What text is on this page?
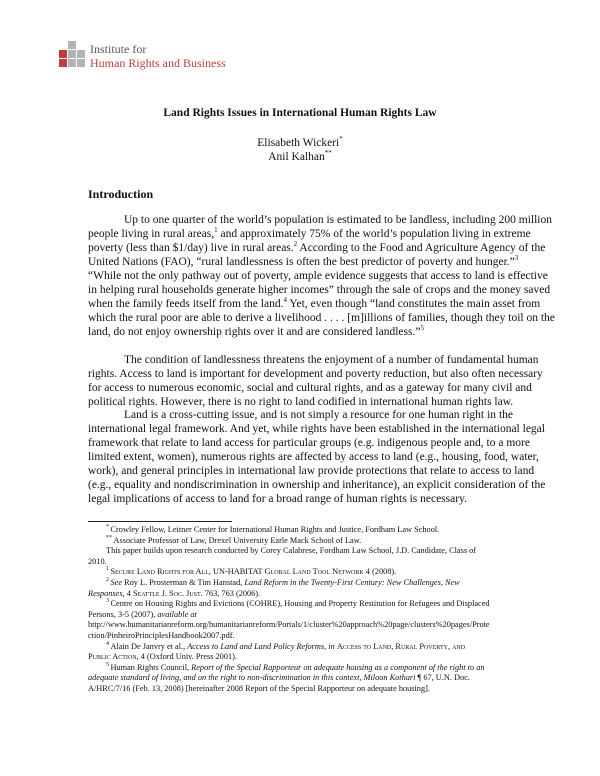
Institute for
Human Rights and Business
Land Rights Issues in International Human Rights Law
Elisabeth Wickeri*
Anil Kalhan**
Introduction
Up to one quarter of the world’s population is estimated to be landless, including 200 million
people living in rural areas,$^1$ and approximately 75% of the world’s population living in extreme
poverty (less than $1/day) live in rural areas.$^2$ According to the Food and Agriculture Agency of the
United Nations (FAO), “rural landlessness is often the best predictor of poverty and hunger.”$^3$
“While not the only pathway out of poverty, ample evidence suggests that access to land is effective
in helping rural households generate higher incomes” through the sale of crops and the money saved
when the family feeds itself from the land.$^4$ Yet, even though “land constitutes the main asset from
which the rural poor are able to derive a livelihood . . . . [m]illions of families, though they toil on the
land, do not enjoy ownership rights over it and are considered landless.”$^5$
The condition of landlessness threatens the enjoyment of a number of fundamental human
rights. Access to land is important for development and poverty reduction, but also often necessary
for access to numerous economic, social and cultural rights, and as a gateway for many civil and
political rights. However, there is no right to land codified in international human rights law.
Land is a cross-cutting issue, and is not simply a resource for one human right in the
international legal framework. And yet, while rights have been established in the international legal
framework that relate to land access for particular groups (e.g. indigenous people and, to a more
limited extent, women), numerous rights are affected by access to land (e.g., housing, food, water,
work), and general principles in international law provide protections that relate to access to land
(e.g., equality and nondiscrimination in ownership and inheritance), an explicit consideration of the
legal implications of access to land for a broad range of human rights is necessary.
* Crowley Fellow, Leitner Center for International Human Rights and Justice, Fordham Law School.
** Associate Professor of Law, Drexel University Earle Mack School of Law.
This paper builds upon research conducted by Corey Calabrese, Fordham Law School, J.D. Candidate, Class of
2010.
$^1$ Secure Land Rights for All, UN-HABITAT Global Land Tool Network 4 (2008).
$^2$ See Roy L. Prosterman & Tim Hanstad, Land Reform in the Twenty-First Century: New Challenges, New
Responses, 4 Seattle J. Soc. Just. 763, 763 (2006).
$^3$ Centre on Housing Rights and Evictions (COHRE), Housing and Property Restitution for Refugees and Displaced
Persons, 3-5 (2007), available at
http://www.humanitarianreform.org/humanitarianreform/Portals/1/cluster%20approach%20page/clusters%20pages/Prote
ction/PinheiroPrinciplesHandbook2007.pdf.
$^4$ Alain De Janvry et al., Access to Land and Land Policy Reforms, in Access to Land, Rural Poverty, and
Public Action, 4 (Oxford Univ. Press 2001).
$^5$ Human Rights Council, Report of the Special Rapporteur on adequate housing as a component of the right to an
adequate standard of living, and on the right to non-discrimination in this context, Miloon Kothari ¶ 67, U.N. Doc.
A/HRC/7/16 (Feb. 13, 2008) [hereinafter 2008 Report of the Special Rapporteur on adequate housing].
